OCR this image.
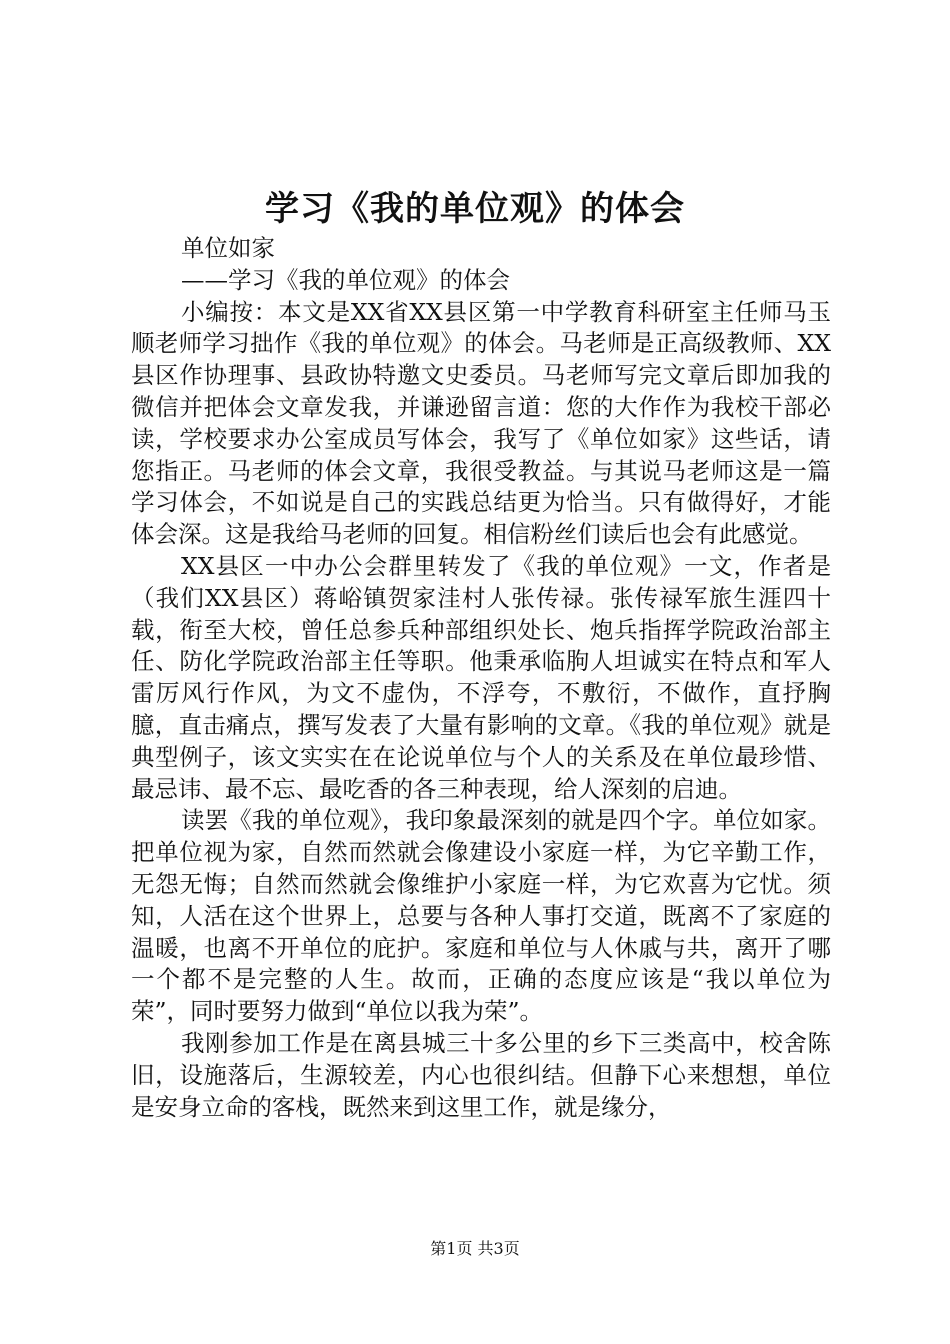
学习《我的单位观》的体会

单位如家

——学习《我的单位观》的体会

小编按：本文是XX省XX县区第一中学教育科研室主任师马玉顺老师学习拙作《我的单位观》的体会。马老师是正高级教师、XX县区作协理事、县政协特邀文史委员。马老师写完文章后即加我的微信并把体会文章发我，并谦逊留言道：您的大作作为我校干部必读，学校要求办公室成员写体会，我写了《单位如家》这些话，请您指正。马老师的体会文章，我很受教益。与其说马老师这是一篇学习体会，不如说是自己的实践总结更为恰当。只有做得好，才能体会深。这是我给马老师的回复。相信粉丝们读后也会有此感觉。

XX县区一中办公会群里转发了《我的单位观》一文，作者是（我们XX县区）蒋峪镇贺家洼村人张传禄。张传禄军旅生涯四十载，衔至大校，曾任总参兵种部组织处长、炮兵指挥学院政治部主任、防化学院政治部主任等职。他秉承临朐人坦诚实在特点和军人雷厉风行作风，为文不虚伪，不浮夸，不敷衍，不做作，直抒胸臆，直击痛点，撰写发表了大量有影响的文章。《我的单位观》就是典型例子，该文实实在在论说单位与个人的关系及在单位最珍惜、最忌讳、最不忘、最吃香的各三种表现，给人深刻的启迪。

读罢《我的单位观》，我印象最深刻的就是四个字。单位如家。把单位视为家，自然而然就会像建设小家庭一样，为它辛勤工作，无怨无悔；自然而然就会像维护小家庭一样，为它欢喜为它忧。须知，人活在这个世界上，总要与各种人事打交道，既离不了家庭的温暖，也离不开单位的庇护。家庭和单位与人休戚与共，离开了哪一个都不是完整的人生。故而，正确的态度应该是“我以单位为荣”，同时要努力做到“单位以我为荣”。

我刚参加工作是在离县城三十多公里的乡下三类高中，校舍陈旧，设施落后，生源较差，内心也很纠结。但静下心来想想，单位是安身立命的客栈，既然来到这里工作，就是缘分，

第1页 共3页
